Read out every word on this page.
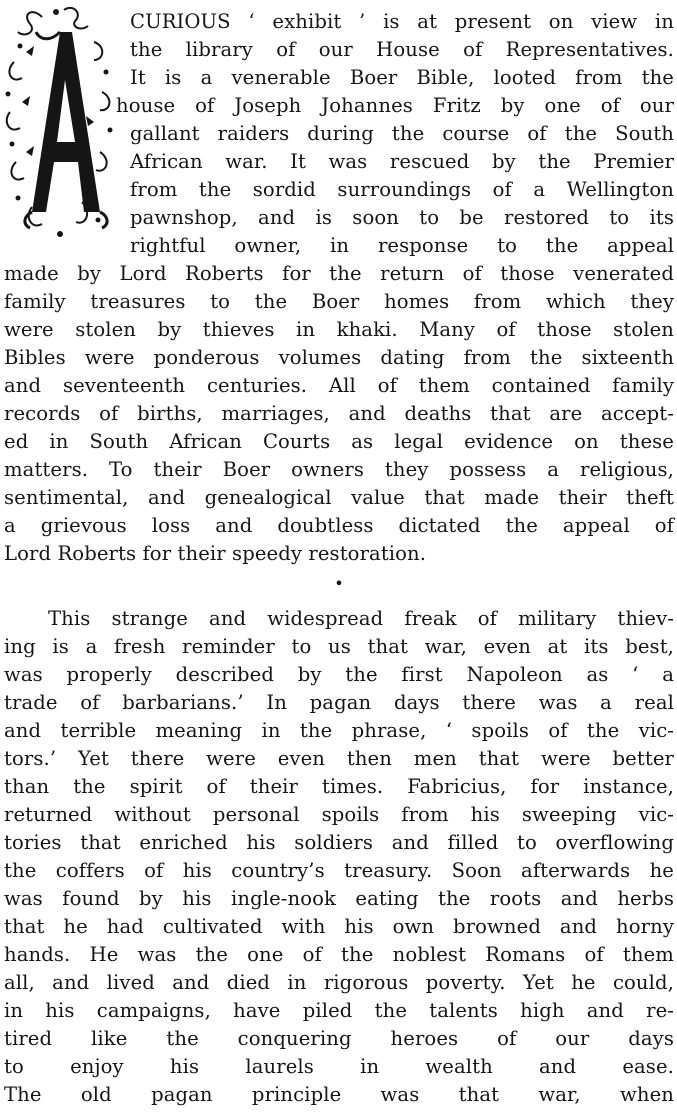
CURIOUS ‘ exhibit ’ is at present on view in
the library of our House of Representatives.
It is a venerable Boer Bible, looted from the
house of Joseph Johannes Fritz by one of our
gallant raiders during the course of the South
African war. It was rescued by the Premier
from the sordid surroundings of a Wellington
pawnshop, and is soon to be restored to its
rightful owner, in response to the appeal
made by Lord Roberts for the return of those venerated
family treasures to the Boer homes from which they
were stolen by thieves in khaki. Many of those stolen
Bibles were ponderous volumes dating from the sixteenth
and seventeenth centuries. All of them contained family
records of births, marriages, and deaths that are accept-
ed in South African Courts as legal evidence on these
matters. To their Boer owners they possess a religious,
sentimental, and genealogical value that made their theft
a grievous loss and doubtless dictated the appeal of
Lord Roberts for their speedy restoration.
•
This strange and widespread freak of military thiev-
ing is a fresh reminder to us that war, even at its best,
was properly described by the first Napoleon as ‘ a
trade of barbarians.’ In pagan days there was a real
and terrible meaning in the phrase, ‘ spoils of the vic-
tors.’ Yet there were even then men that were better
than the spirit of their times. Fabricius, for instance,
returned without personal spoils from his sweeping vic-
tories that enriched his soldiers and filled to overflowing
the coffers of his country’s treasury. Soon afterwards he
was found by his ingle-nook eating the roots and herbs
that he had cultivated with his own browned and horny
hands. He was the one of the noblest Romans of them
all, and lived and died in rigorous poverty. Yet he could,
in his campaigns, have piled the talents high and re-
tired like the conquering heroes of our days
to enjoy his laurels in wealth and ease.
The old pagan principle was that war, when
